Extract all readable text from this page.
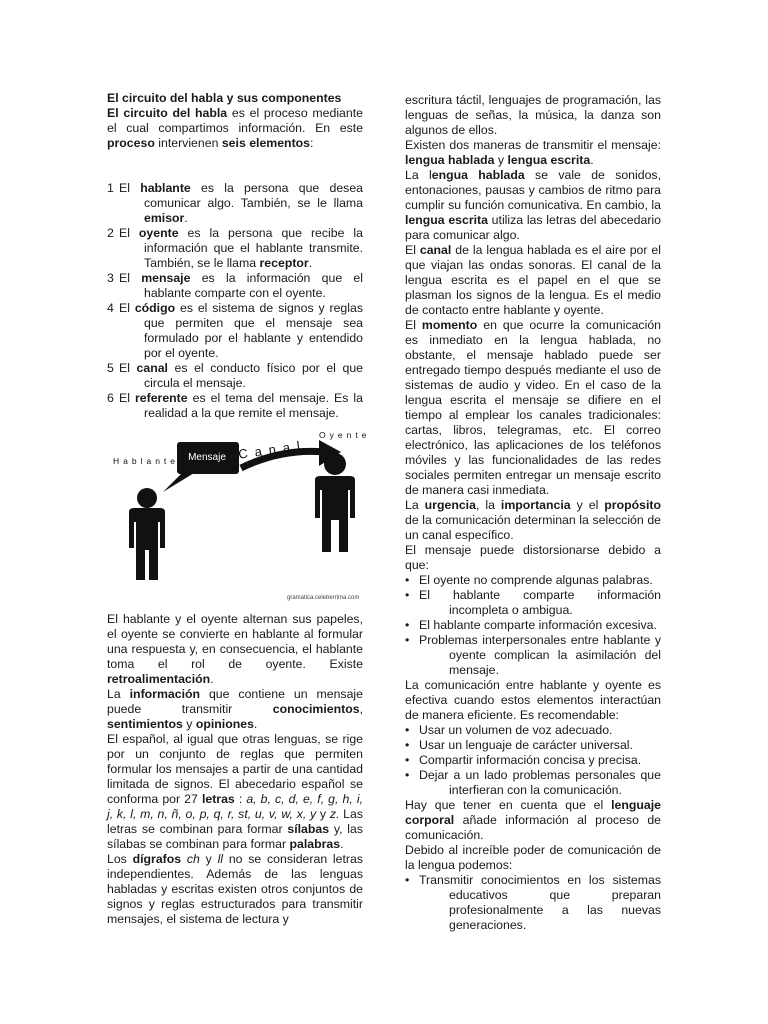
El circuito del habla y sus componentes

El circuito del habla es el proceso mediante el cual compartimos información. En este proceso intervienen seis elementos:

1 El hablante es la persona que desea comunicar algo. También, se le llama emisor.
2 El oyente es la persona que recibe la información que el hablante transmite. También, se le llama receptor.
3 El mensaje es la información que el hablante comparte con el oyente.
4 El código es el sistema de signos y reglas que permiten que el mensaje sea formulado por el hablante y entendido por el oyente.
5 El canal es el conducto físico por el que circula el mensaje.
6 El referente es el tema del mensaje. Es la realidad a la que remite el mensaje.
Hablante
Oyente
Canal
Mensaje
gramatica.celeberrima.com

El hablante y el oyente alternan sus papeles, el oyente se convierte en hablante al formular una respuesta y, en consecuencia, el hablante toma el rol de oyente. Existe retroalimentación.

La información que contiene un mensaje puede transmitir conocimientos, sentimientos y opiniones.

El español, al igual que otras lenguas, se rige por un conjunto de reglas que permiten formular los mensajes a partir de una cantidad limitada de signos. El abecedario español se conforma por 27 letras : a, b, c, d, e, f, g, h, i, j, k, l, m, n, ñ, o, p, q, r, st, u, v, w, x, y y z. Las letras se combinan para formar sílabas y, las sílabas se combinan para formar palabras.

Los dígrafos ch y ll no se consideran letras independientes. Además de las lenguas habladas y escritas existen otros conjuntos de signos y reglas estructurados para transmitir mensajes, el sistema de lectura y

escritura táctil, lenguajes de programación, las lenguas de señas, la música, la danza son algunos de ellos.

Existen dos maneras de transmitir el mensaje: lengua hablada y lengua escrita.

La lengua hablada se vale de sonidos, entonaciones, pausas y cambios de ritmo para cumplir su función comunicativa. En cambio, la lengua escrita utiliza las letras del abecedario para comunicar algo.

El canal de la lengua hablada es el aire por el que viajan las ondas sonoras. El canal de la lengua escrita es el papel en el que se plasman los signos de la lengua. Es el medio de contacto entre hablante y oyente.

El momento en que ocurre la comunicación es inmediato en la lengua hablada, no obstante, el mensaje hablado puede ser entregado tiempo después mediante el uso de sistemas de audio y video. En el caso de la lengua escrita el mensaje se difiere en el tiempo al emplear los canales tradicionales: cartas, libros, telegramas, etc. El correo electrónico, las aplicaciones de los teléfonos móviles y las funcionalidades de las redes sociales permiten entregar un mensaje escrito de manera casi inmediata.

La urgencia, la importancia y el propósito de la comunicación determinan la selección de un canal específico.

El mensaje puede distorsionarse debido a que:

• El oyente no comprende algunas palabras.
• El hablante comparte información incompleta o ambigua.
• El hablante comparte información excesiva.
• Problemas interpersonales entre hablante y oyente complican la asimilación del mensaje.

La comunicación entre hablante y oyente es efectiva cuando estos elementos interactúan de manera eficiente. Es recomendable:

• Usar un volumen de voz adecuado.
• Usar un lenguaje de carácter universal.
• Compartir información concisa y precisa.
• Dejar a un lado problemas personales que interfieran con la comunicación.

Hay que tener en cuenta que el lenguaje corporal añade información al proceso de comunicación.

Debido al increíble poder de comunicación de la lengua podemos:

• Transmitir conocimientos en los sistemas educativos que preparan profesionalmente a las nuevas generaciones.
